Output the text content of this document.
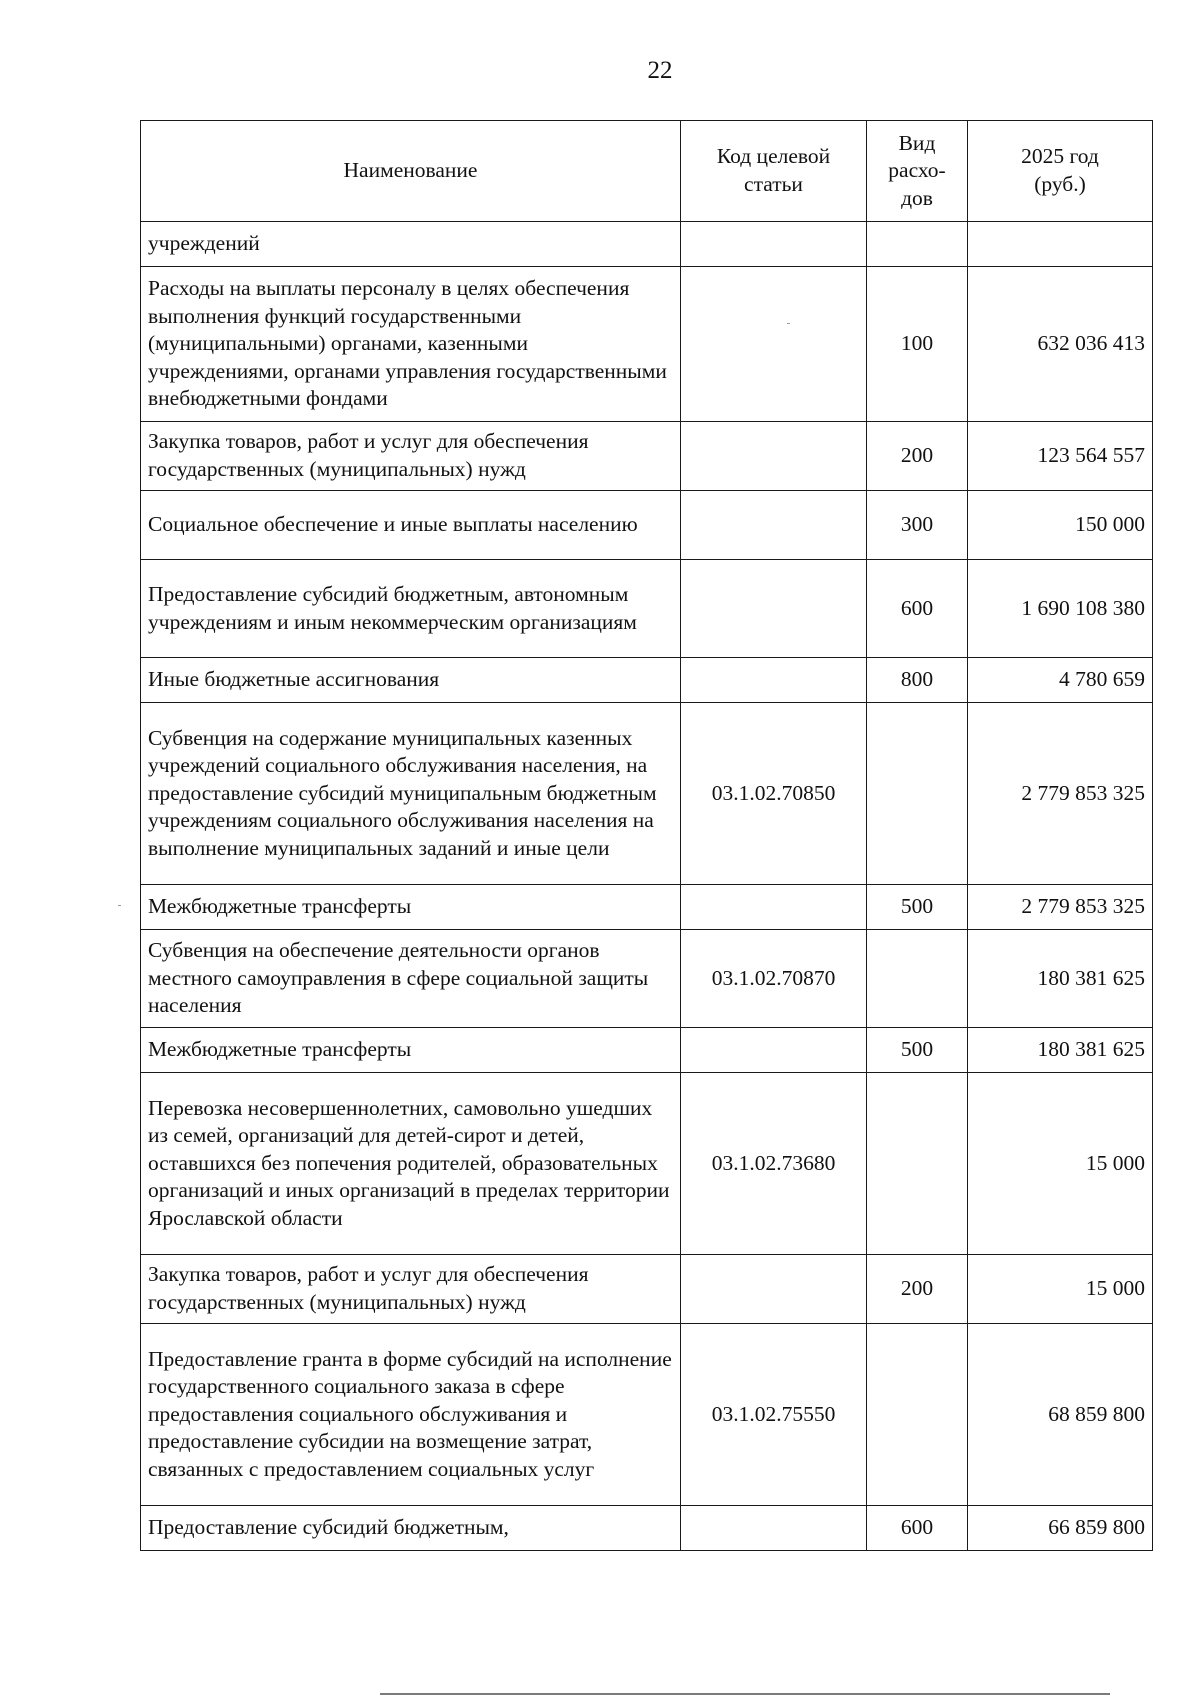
22
Наименование	Код целевой статьи	Вид расхо-дов	2025 год (руб.)
учреждений			
Расходы на выплаты персоналу в целях обеспечения выполнения функций государственными (муниципальными) органами, казенными учреждениями, органами управления государственными внебюджетными фондами		100	632 036 413
Закупка товаров, работ и услуг для обеспечения государственных (муниципальных) нужд		200	123 564 557
Социальное обеспечение и иные выплаты населению		300	150 000
Предоставление субсидий бюджетным, автономным учреждениям и иным некоммерческим организациям		600	1 690 108 380
Иные бюджетные ассигнования		800	4 780 659
Субвенция на содержание муниципальных казенных учреждений социального обслуживания населения, на предоставление субсидий муниципальным бюджетным учреждениям социального обслуживания населения на выполнение муниципальных заданий и иные цели	03.1.02.70850		2 779 853 325
Межбюджетные трансферты		500	2 779 853 325
Субвенция на обеспечение деятельности органов местного самоуправления в сфере социальной защиты населения	03.1.02.70870		180 381 625
Межбюджетные трансферты		500	180 381 625
Перевозка несовершеннолетних, самовольно ушедших из семей, организаций для детей-сирот и детей, оставшихся без попечения родителей, образовательных организаций и иных организаций в пределах территории Ярославской области	03.1.02.73680		15 000
Закупка товаров, работ и услуг для обеспечения государственных (муниципальных) нужд		200	15 000
Предоставление гранта в форме субсидий на исполнение государственного социального заказа в сфере предоставления социального обслуживания и предоставление субсидии на возмещение затрат, связанных с предоставлением социальных услуг	03.1.02.75550		68 859 800
Предоставление субсидий бюджетным,		600	66 859 800
